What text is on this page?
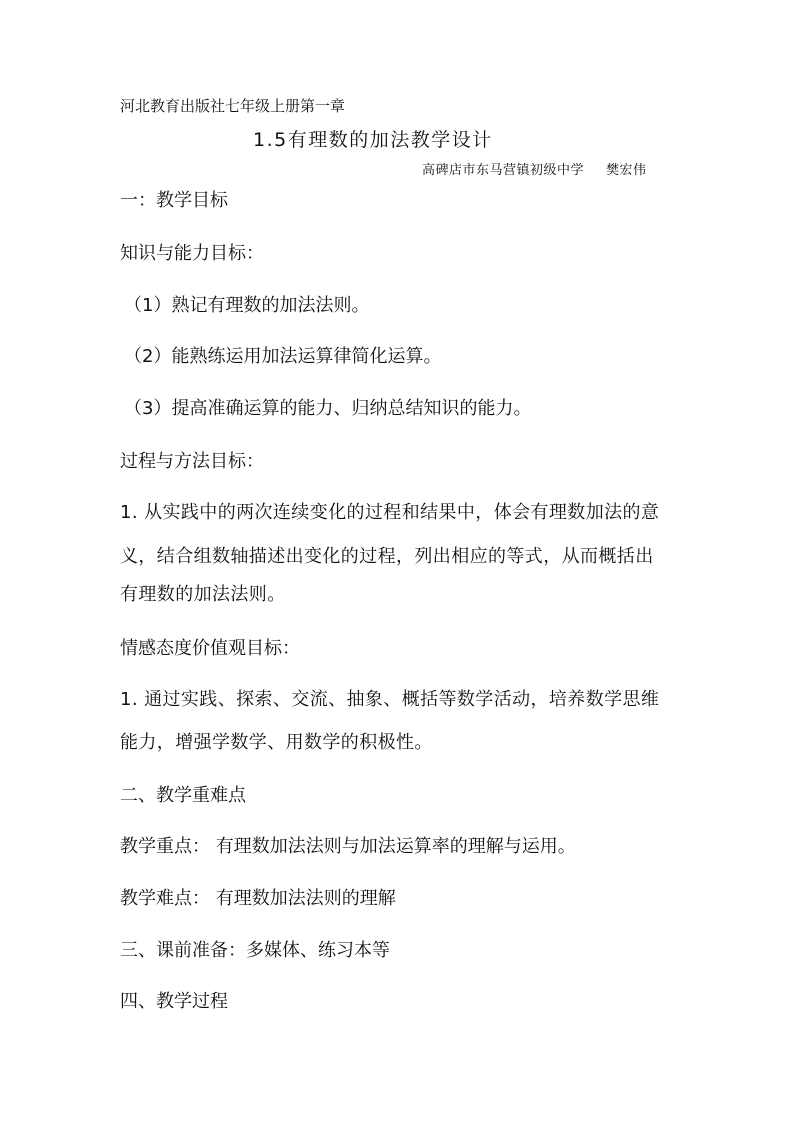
河北教育出版社七年级上册第一章
1.5有理数的加法教学设计
高碑店市东马营镇初级中学 樊宏伟
一：教学目标
知识与能力目标：
（1）熟记有理数的加法法则。
（2）能熟练运用加法运算律简化运算。
（3）提高准确运算的能力、归纳总结知识的能力。
过程与方法目标：
1. 从实践中的两次连续变化的过程和结果中，体会有理数加法的意
义，结合组数轴描述出变化的过程，列出相应的等式，从而概括出
有理数的加法法则。
情感态度价值观目标：
1. 通过实践、探索、交流、抽象、概括等数学活动，培养数学思维
能力，增强学数学、用数学的积极性。
二、教学重难点
教学重点： 有理数加法法则与加法运算率的理解与运用。
教学难点： 有理数加法法则的理解
三、课前准备：多媒体、练习本等
四、教学过程
